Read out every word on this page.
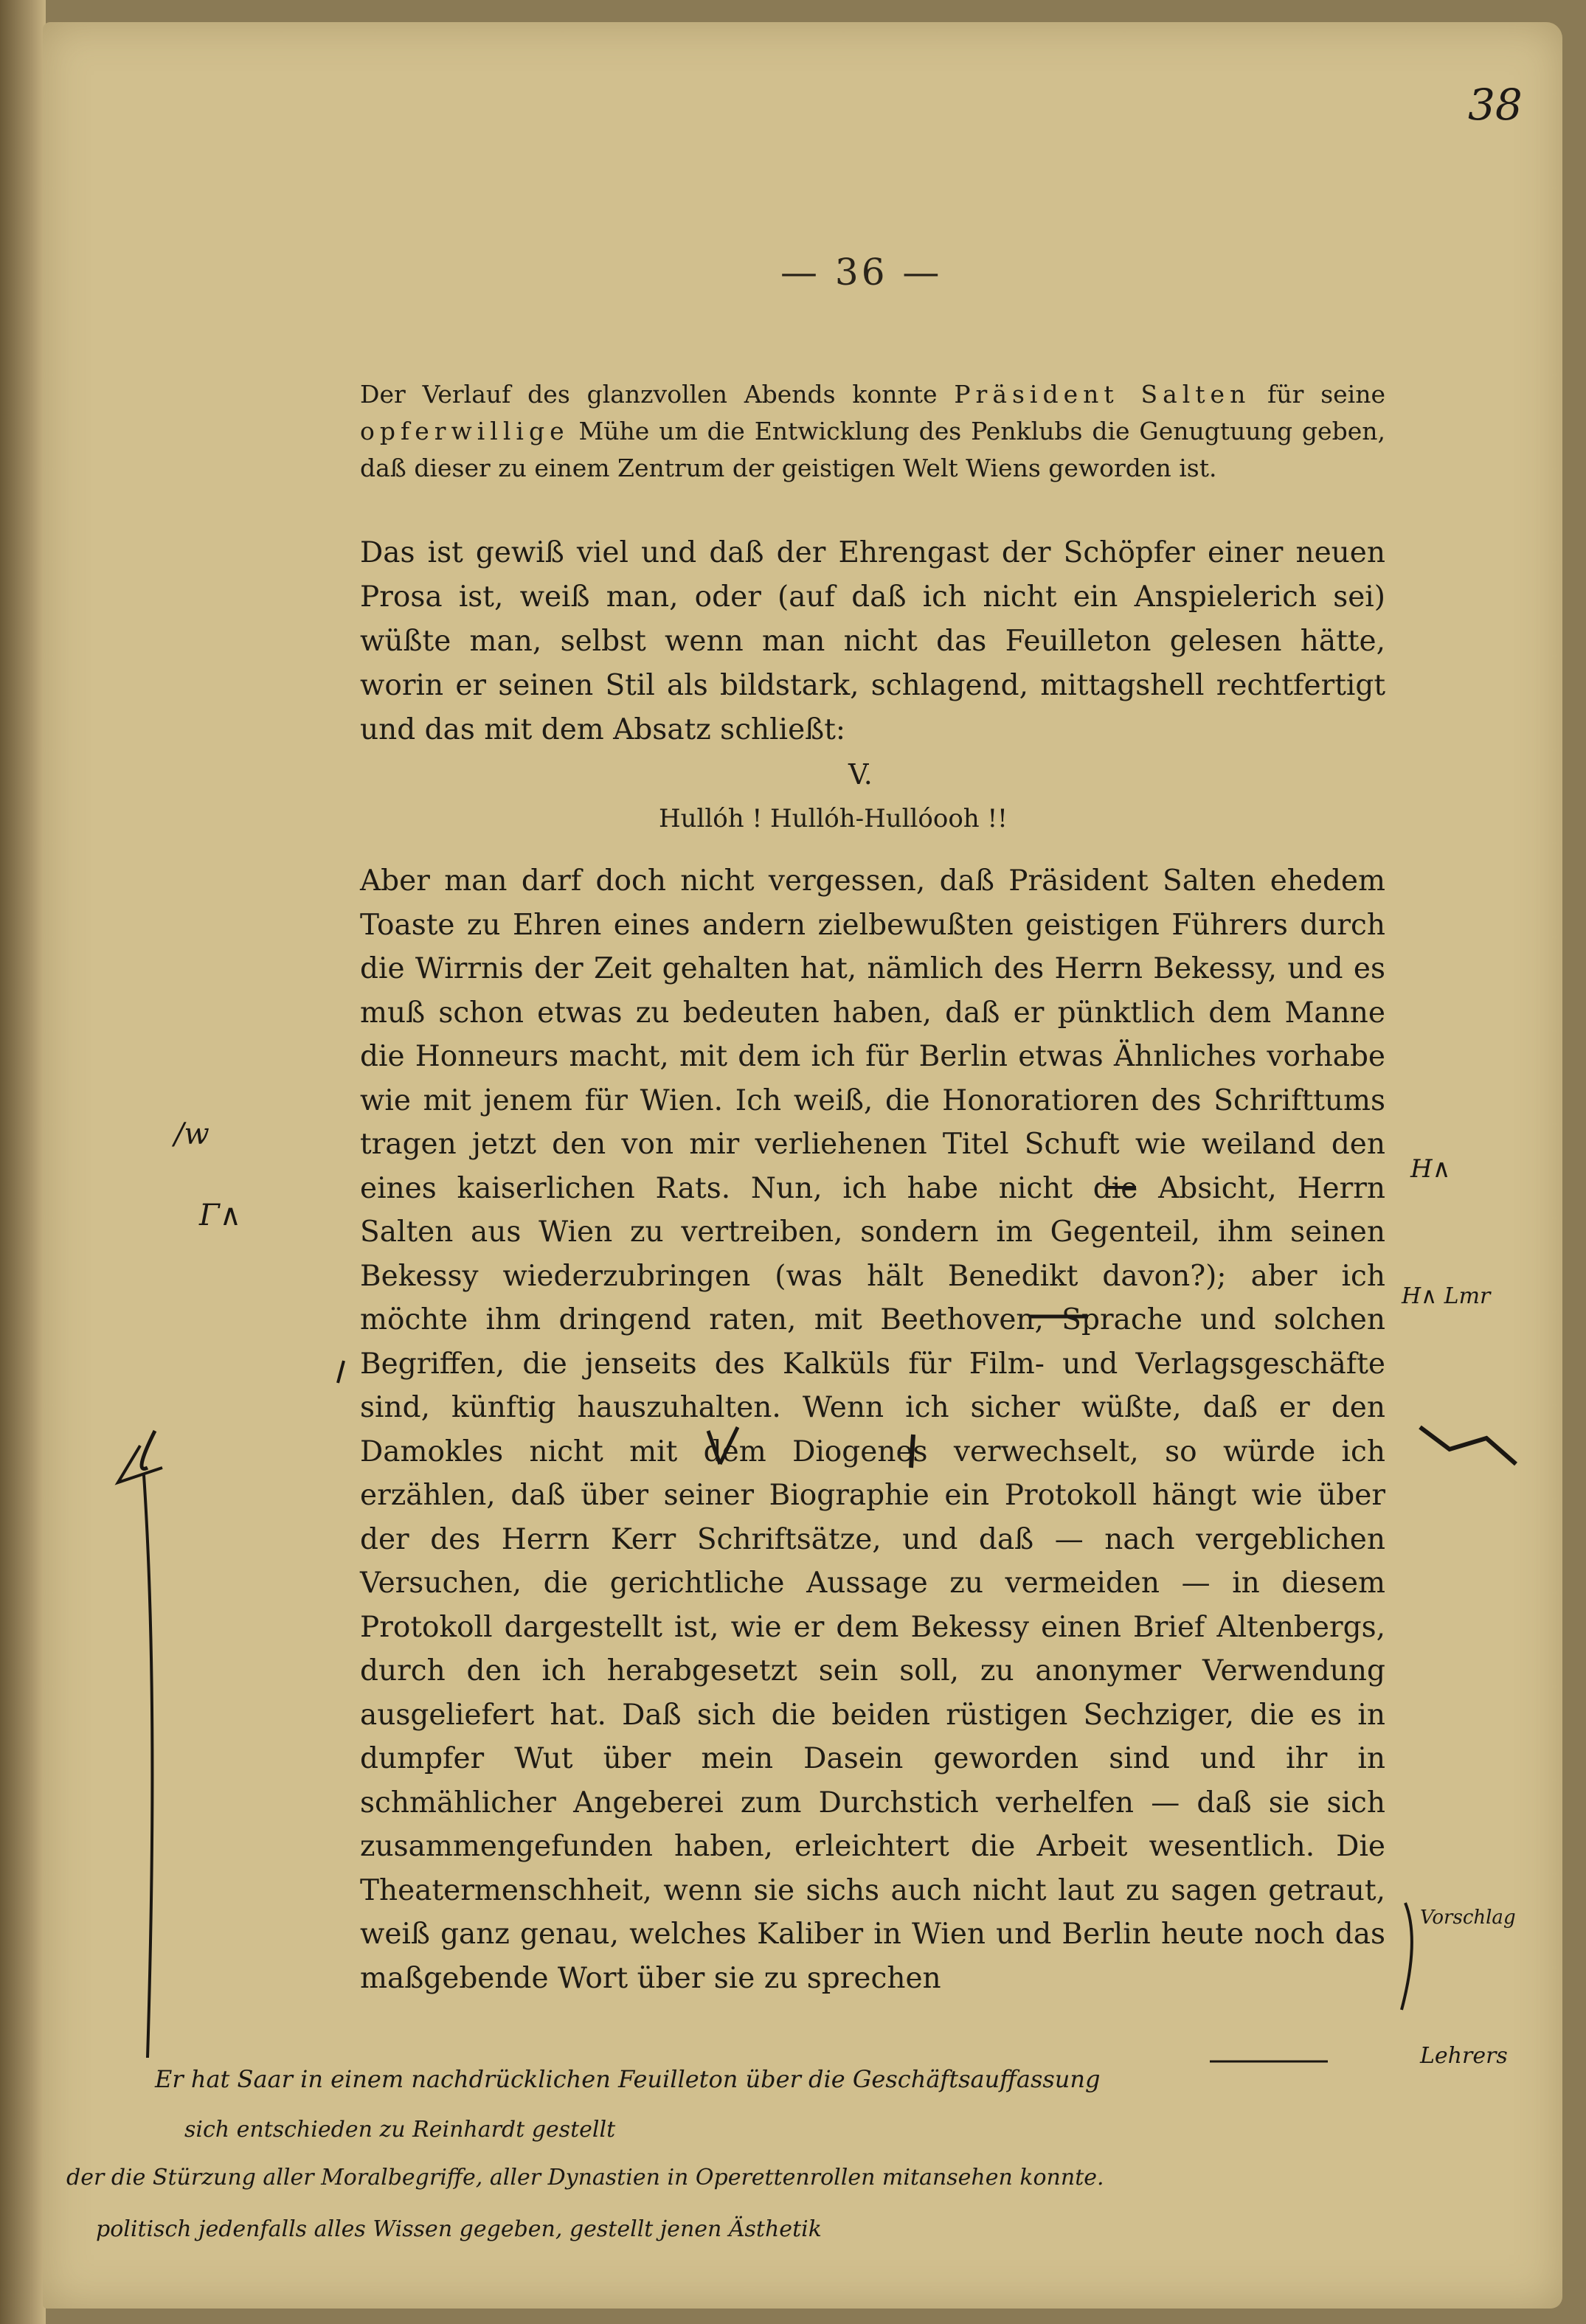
38
— 36 —

Der Verlauf des glanzvollen Abends konnte Präsident Salten für seine opferwillige Mühe um die Entwicklung des Penklubs die Genugtuung geben, daß dieser zu einem Zentrum der geistigen Welt Wiens geworden ist.

Das ist gewiß viel und daß der Ehrengast der Schöpfer einer neuen Prosa ist, weiß man, oder (auf daß ich nicht ein Anspielerich sei) wüßte man, selbst wenn man nicht das Feuilleton gelesen hätte, worin er seinen Stil als bildstark, schlagend, mittagshell rechtfertigt und das mit dem Absatz schließt:

V.
Hullóh ! Hullóh-Hullóooh !!

Aber man darf doch nicht vergessen, daß Präsident Salten ehedem Toaste zu Ehren eines andern zielbewußten geistigen Führers durch die Wirrnis der Zeit gehalten hat, nämlich des Herrn Bekessy, und es muß schon etwas zu bedeuten haben, daß er pünktlich dem Manne die Honneurs macht, mit dem ich für Berlin etwas Ähnliches vorhabe wie mit jenem für Wien. Ich weiß, die Honoratioren des Schrifttums tragen jetzt den von mir verliehenen Titel Schuft wie weiland den eines kaiserlichen Rats. Nun, ich habe nicht die Absicht, Herrn Salten aus Wien zu vertreiben, sondern im Gegenteil, ihm seinen Bekessy wiederzubringen (was hält Benedikt davon?); aber ich möchte ihm dringend raten, mit Beethoven, Sprache und solchen Begriffen, die jenseits des Kalküls für Film- und Verlagsgeschäfte sind, künftig hauszuhalten. Wenn ich sicher wüßte, daß er den Damokles nicht mit dem Diogenes verwechselt, so würde ich erzählen, daß über seiner Biographie ein Protokoll hängt wie über der des Herrn Kerr Schriftsätze, und daß — nach vergeblichen Versuchen, die gerichtliche Aussage zu vermeiden — in diesem Protokoll dargestellt ist, wie er dem Bekessy einen Brief Altenbergs, durch den ich herabgesetzt sein soll, zu anonymer Verwendung ausgeliefert hat. Daß sich die beiden rüstigen Sechziger, die es in dumpfer Wut über mein Dasein geworden sind und ihr in schmählicher Angeberei zum Durchstich verhelfen — daß sie sich zusammengefunden haben, erleichtert die Arbeit wesentlich. Die Theatermenschheit, wenn sie sichs auch nicht laut zu sagen getraut, weiß ganz genau, welches Kaliber in Wien und Berlin heute noch das maßgebende Wort über sie zu sprechen

/w
Γ∧
H∧
H∧ Lmr
Vorschlag
Lehrers
Er hat Saar in einem nachdrücklichen Feuilleton über die Geschäftsauffassung
sich entschieden zu Reinhardt gestellt
der die Stürzung aller Moralbegriffe, aller Dynastien in Operettenrollen mitansehen konnte.
politisch jedenfalls alles Wissen gegeben, gestellt jenen Ästhetik
